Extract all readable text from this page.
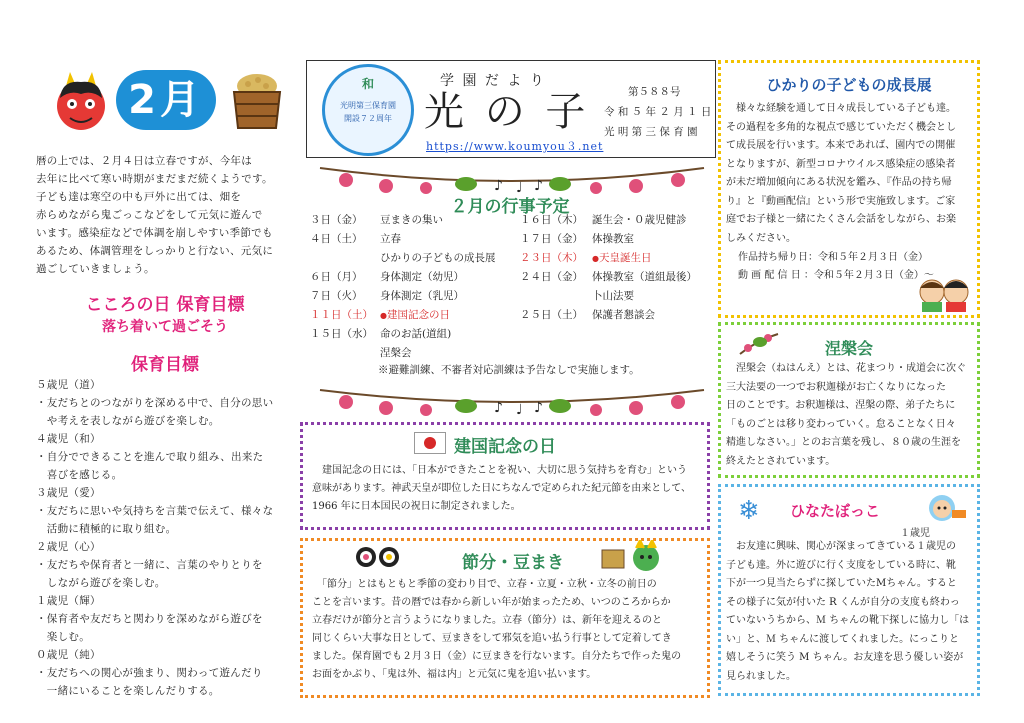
2月
暦の上では、２月４日は立春ですが、今年は
去年に比べて寒い時期がまだまだ続くようです。
子ども達は寒空の中も戸外に出ては、畑を
赤らめながら鬼ごっこなどをして元気に遊んで
います。感染症などで体調を崩しやすい季節でも
あるため、体調管理をしっかりと行ない、元気に
過ごしていきましょう。
こころの日 保育目標
落ち着いて過ごそう
保育目標
５歳児（道）
・友だちとのつながりを深める中で、自分の思い
　や考えを表しながら遊びを楽しむ。
４歳児（和）
・自分でできることを進んで取り組み、出来た
　喜びを感じる。
３歳児（愛）
・友だちに思いや気持ちを言葉で伝えて、様々な
　活動に積極的に取り組む。
２歳児（心）
・友だちや保育者と一緒に、言葉のやりとりを
　しながら遊びを楽しむ。
１歳児（輝）
・保育者や友だちと関わりを深めながら遊びを
　楽しむ。
０歳児（純）
・友だちへの関心が強まり、関わって遊んだり
　一緒にいることを楽しんだりする。
和
光明第三保育園
開設７２周年
学 園 だ よ り
光 の 子	第５８８号
令 和 ５ 年 ２ 月 １ 日
光 明 第 三 保 育 園
https://www.koumyou３.net
♪ ♩ ♪
２月の行事予定
３日（金） 豆まきの集い
４日（土） 立春
ひかりの子どもの成長展
６日（月） 身体測定（幼児）
７日（火） 身体測定（乳児）
１１日（土） ●建国記念の日
１５日（水） 命のお話(道組)
涅槃会
１６日（木） 誕生会・０歳児健診
１７日（金） 体操教室
２３日（木） ●天皇誕生日
２４日（金） 体操教室（道組最後）
卜山法要
２５日（土） 保護者懇談会
※避難訓練、不審者対応訓練は予告なしで実施します。
♪ ♩ ♪
建国記念の日
　建国記念の日には、「日本ができたことを祝い、大切に思う気持ちを育む」という
意味があります。神武天皇が即位した日にちなんで定められた紀元節を由来として、
1966 年に日本国民の祝日に制定されました。
節分・豆まき
　「節分」とはもともと季節の変わり目で、立春・立夏・立秋・立冬の前日の
ことを言います。昔の暦では春から新しい年が始まったため、いつのころからか
立春だけが節分と言うようになりました。立春（節分）は、新年を迎えるのと
同じくらい大事な日として、豆まきをして邪気を追い払う行事として定着してき
ました。保育園でも２月３日（金）に豆まきを行ないます。自分たちで作った鬼の
お面をかぶり、「鬼は外、福は内」と元気に鬼を追い払います。
ひかりの子どもの成長展
　様々な経験を通して日々成長している子ども達。
その過程を多角的な視点で感じていただく機会とし
て成長展を行います。本来であれば、園内での開催
となりますが、新型コロナウイルス感染症の感染者
が未だ増加傾向にある状況を鑑み、『作品の持ち帰
り』と『動画配信』という形で実施致します。ご家
庭でお子様と一緒にたくさん会話をしながら、お楽
しみください。
作品持ち帰り日：令和５年２月３日（金）
動 画 配 信 日 ：令和５年２月３日（金）～
涅槃会
　涅槃会（ねはんえ）とは、花まつり・成道会に次ぐ
三大法要の一つでお釈迦様がお亡くなりになった
日のことです。お釈迦様は、涅槃の際、弟子たちに
「ものごとは移り変わっていく。怠ることなく日々
精進しなさい。」とのお言葉を残し、８０歳の生涯を
終えたとされています。
❄ ひなたぼっこ
１歳児
　お友達に興味、関心が深まってきている１歳児の
子ども達。外に遊びに行く支度をしている時に、靴
下が一つ見当たらずに探していたMちゃん。すると
その様子に気が付いた R くんが自分の支度も終わっ
ていないうちから、Ｍ ちゃんの靴下探しに協力し「は
い」と、Ｍ ちゃんに渡してくれました。にっこりと
嬉しそうに笑う M ちゃん。お友達を思う優しい姿が
見られました。
